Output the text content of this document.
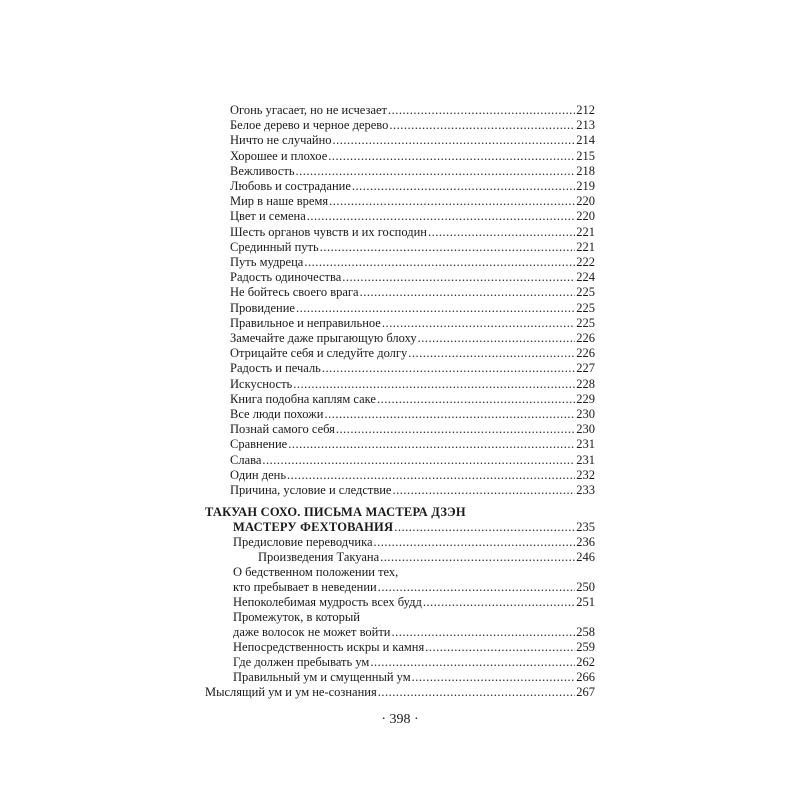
Огонь угасает, но не исчезает .....	212
Белое дерево и черное дерево .....	213
Ничто не случайно .....	214
Хорошее и плохое .....	215
Вежливость .....	218
Любовь и сострадание .....	219
Мир в наше время .....	220
Цвет и семена .....	220
Шесть органов чувств и их господин .....	221
Срединный путь .....	221
Путь мудреца .....	222
Радость одиночества .....	224
Не бойтесь своего врага .....	225
Провидение .....	225
Правильное и неправильное .....	225
Замечайте даже прыгающую блоху .....	226
Отрицайте себя и следуйте долгу .....	226
Радость и печаль .....	227
Искусность .....	228
Книга подобна каплям саке .....	229
Все люди похожи .....	230
Познай самого себя .....	230
Сравнение .....	231
Слава .....	231
Один день .....	232
Причина, условие и следствие .....	233
ТАКУАН СОХО. ПИСЬМА МАСТЕРА ДЗЭН
МАСТЕРУ ФЕХТОВАНИЯ .....	235
Предисловие переводчика .....	236
Произведения Такуана .....	246
О бедственном положении тех,
кто пребывает в неведении .....	250
Непоколебимая мудрость всех будд .....	251
Промежуток, в который
даже волосок не может войти .....	258
Непосредственность искры и камня .....	259
Где должен пребывать ум .....	262
Правильный ум и смущенный ум .....	266
Мыслящий ум и ум не-сознания .....	267
· 398 ·
